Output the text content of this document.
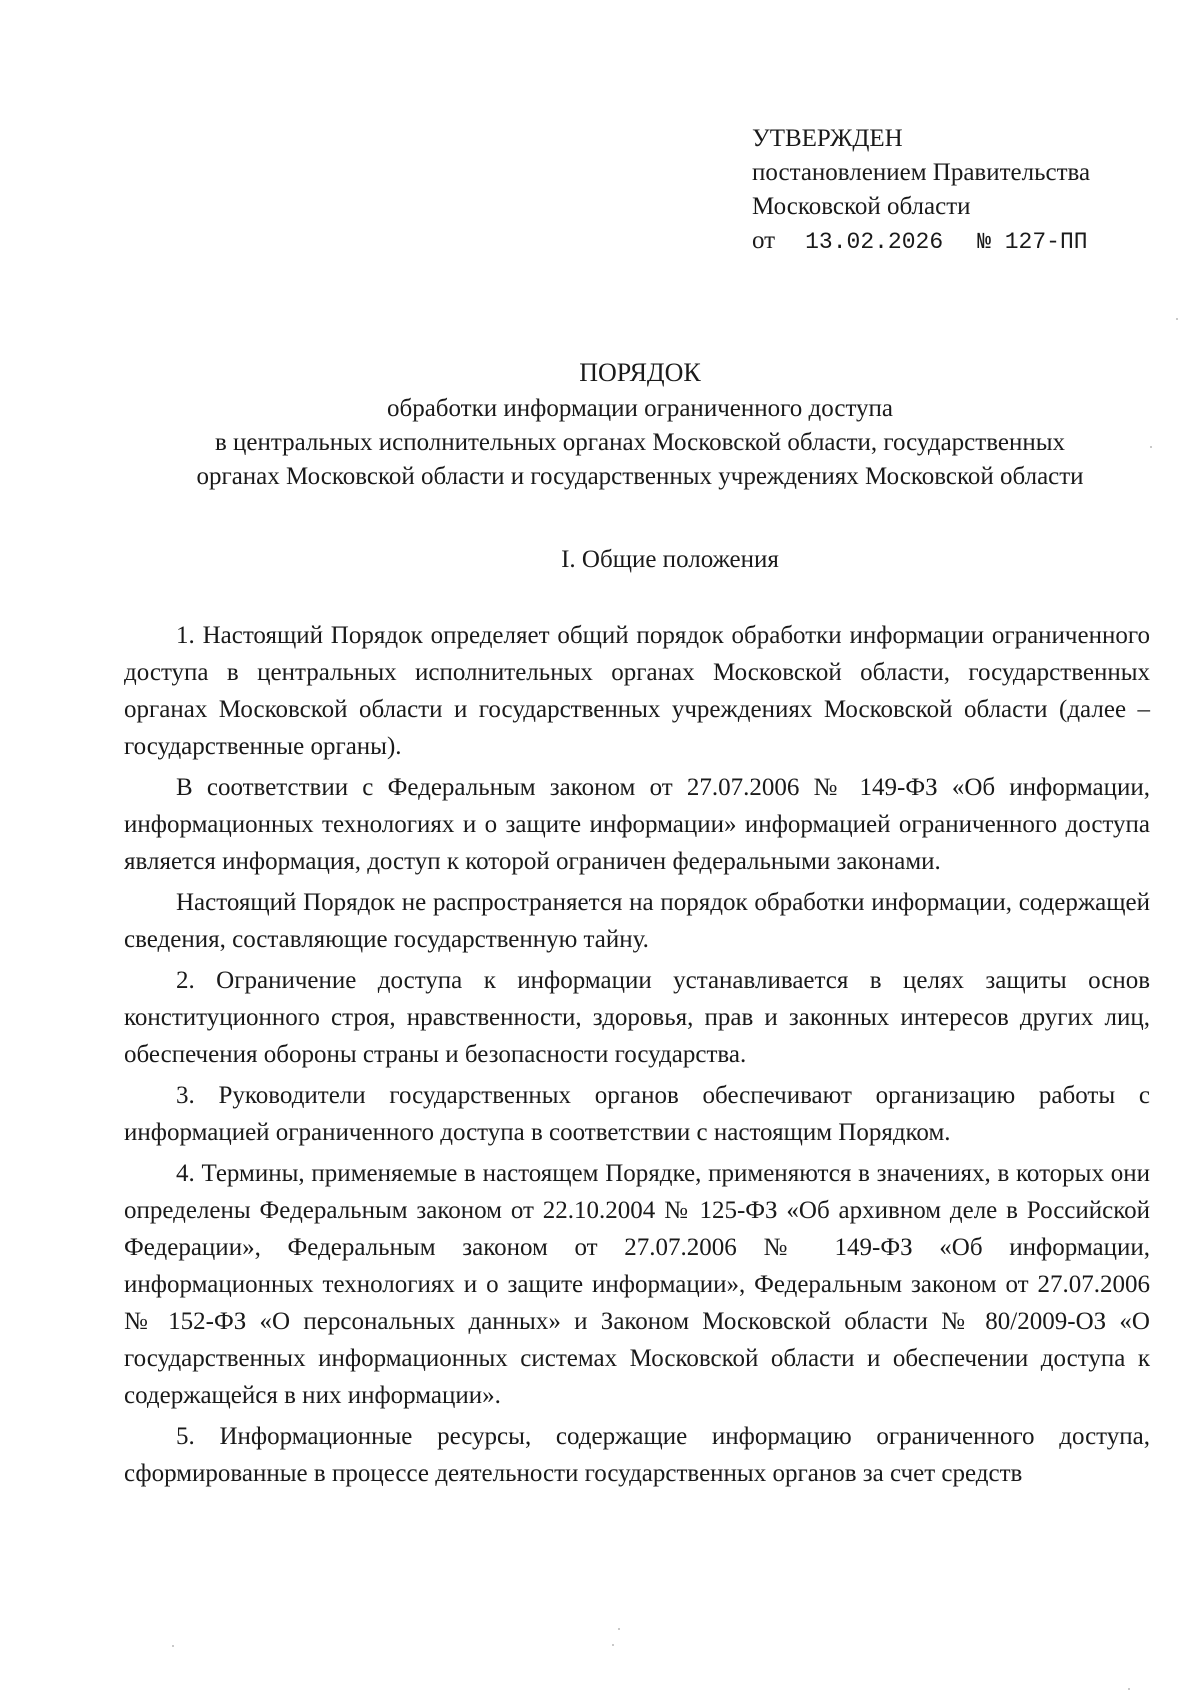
УТВЕРЖДЕН
постановлением Правительства
Московской области
от 13.02.2026 № 127-ПП
ПОРЯДОК
обработки информации ограниченного доступа
в центральных исполнительных органах Московской области, государственных
органах Московской области и государственных учреждениях Московской области
I. Общие положения

1. Настоящий Порядок определяет общий порядок обработки информации ограниченного доступа в центральных исполнительных органах Московской области, государственных органах Московской области и государственных учреждениях Московской области (далее – государственные органы).

В соответствии с Федеральным законом от 27.07.2006 № 149-ФЗ «Об информации, информационных технологиях и о защите информации» информацией ограниченного доступа является информация, доступ к которой ограничен федеральными законами.

Настоящий Порядок не распространяется на порядок обработки информации, содержащей сведения, составляющие государственную тайну.

2. Ограничение доступа к информации устанавливается в целях защиты основ конституционного строя, нравственности, здоровья, прав и законных интересов других лиц, обеспечения обороны страны и безопасности государства.

3. Руководители государственных органов обеспечивают организацию работы с информацией ограниченного доступа в соответствии с настоящим Порядком.

4. Термины, применяемые в настоящем Порядке, применяются в значениях, в которых они определены Федеральным законом от 22.10.2004 № 125-ФЗ «Об архивном деле в Российской Федерации», Федеральным законом от 27.07.2006 № 149-ФЗ «Об информации, информационных технологиях и о защите информации», Федеральным законом от 27.07.2006 № 152-ФЗ «О персональных данных» и Законом Московской области № 80/2009-ОЗ «О государственных информационных системах Московской области и обеспечении доступа к содержащейся в них информации».

5. Информационные ресурсы, содержащие информацию ограниченного доступа, сформированные в процессе деятельности государственных органов за счет средств
